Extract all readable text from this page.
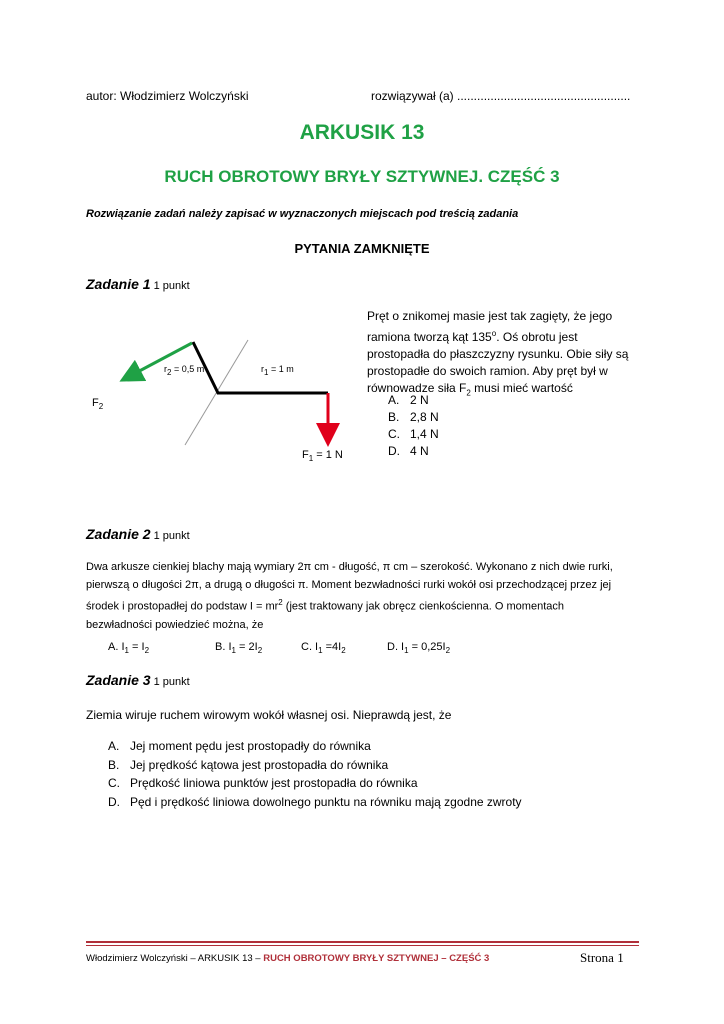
autor: Włodzimierz Wolczyński	rozwiązywał (a) ....................................................
ARKUSIK 13
RUCH OBROTOWY BRYŁY SZTYWNEJ. CZĘŚĆ 3
Rozwiązanie zadań należy zapisać w wyznaczonych miejscach pod treścią zadania
PYTANIA ZAMKNIĘTE
Zadanie 1 1 punkt
$r_2 = 0,5$ m	$r_1 = 1$ m
$F_2$
$F_1 = 1$ N
Pręt o znikomej masie jest tak zagięty, że jego
ramiona tworzą kąt 135$^o$. Oś obrotu jest
prostopadła do płaszczyzny rysunku. Obie siły są
prostopadłe do swoich ramion. Aby pręt był w
równowadze siła $F_2$ musi mieć wartość
A. 2 N
B. 2,8 N
C. 1,4 N
D. 4 N
Zadanie 2 1 punkt
Dwa arkusze cienkiej blachy mają wymiary 2π cm - długość, π cm – szerokość. Wykonano z nich dwie rurki,
pierwszą o długości 2π, a drugą o długości π. Moment bezwładności rurki wokół osi przechodzącej przez jej
środek i prostopadłej do podstaw $I = mr^2$ (jest traktowany jak obręcz cienkościenna. O momentach
bezwładności powiedzieć można, że
A. $I_1 = I_2$	B. $I_1 = 2I_2$	C. $I_1 =4I_2$	D. $I_1 = 0,25I_2$
Zadanie 3 1 punkt
Ziemia wiruje ruchem wirowym wokół własnej osi. Nieprawdą jest, że
A. Jej moment pędu jest prostopadły do równika
B. Jej prędkość kątowa jest prostopadła do równika
C. Prędkość liniowa punktów jest prostopadła do równika
D. Pęd i prędkość liniowa dowolnego punktu na równiku mają zgodne zwroty
Włodzimierz Wolczyński – ARKUSIK 13 – RUCH OBROTOWY BRYŁY SZTYWNEJ – CZĘŚĆ 3	Strona 1
